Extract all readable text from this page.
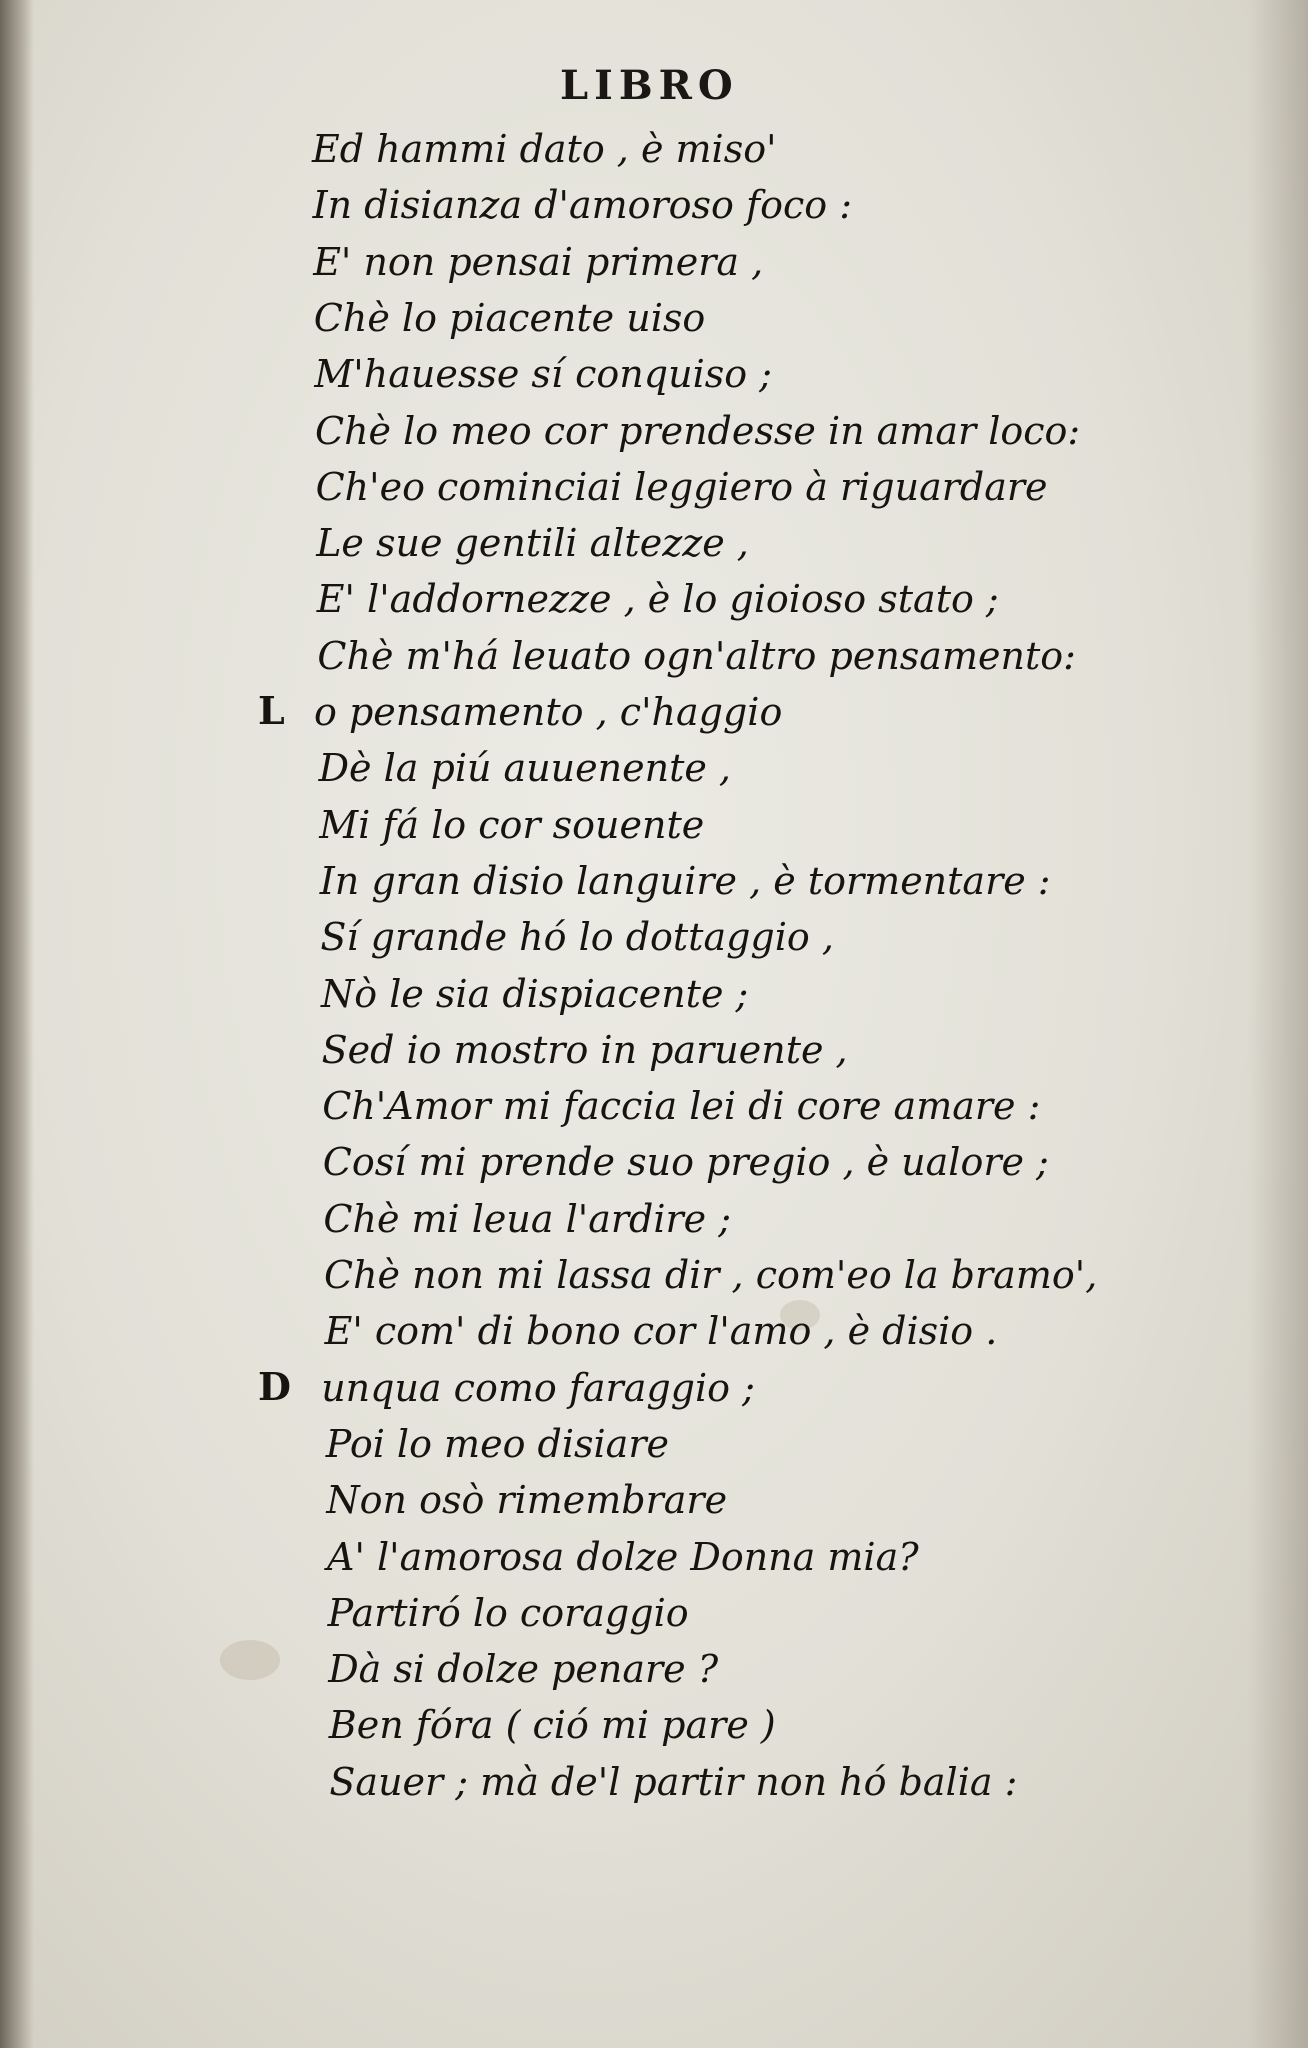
LIBRO
Ed hammi dato , è miso'
In disianza d'amoroso foco :
E' non pensai primera ,
Chè lo piacente uiso
M'hauesse sí conquiso ;
Chè lo meo cor prendesse in amar loco:
Ch'eo cominciai leggiero à riguardare
Le sue gentili altezze ,
E' l'addornezze , è lo gioioso stato ;
Chè m'há leuato ogn'altro pensamento:
L o pensamento , c'haggio
Dè la piú auuenente ,
Mi fá lo cor souente
In gran disio languire , è tormentare :
Sí grande hó lo dottaggio ,
Nò le sia dispiacente ;
Sed io mostro in paruente ,
Ch'Amor mi faccia lei di core amare :
Cosí mi prende suo pregio , è ualore ;
Chè mi leua l'ardire ;
Chè non mi lassa dir , com'eo la bramo',
E' com' di bono cor l'amo , è disio .
D unqua como faraggio ;
Poi lo meo disiare
Non osò rimembrare
A' l'amorosa dolze Donna mia?
Partiró lo coraggio
Dà si dolze penare ?
Ben fóra ( ció mi pare )
Sauer ; mà de'l partir non hó balia :
